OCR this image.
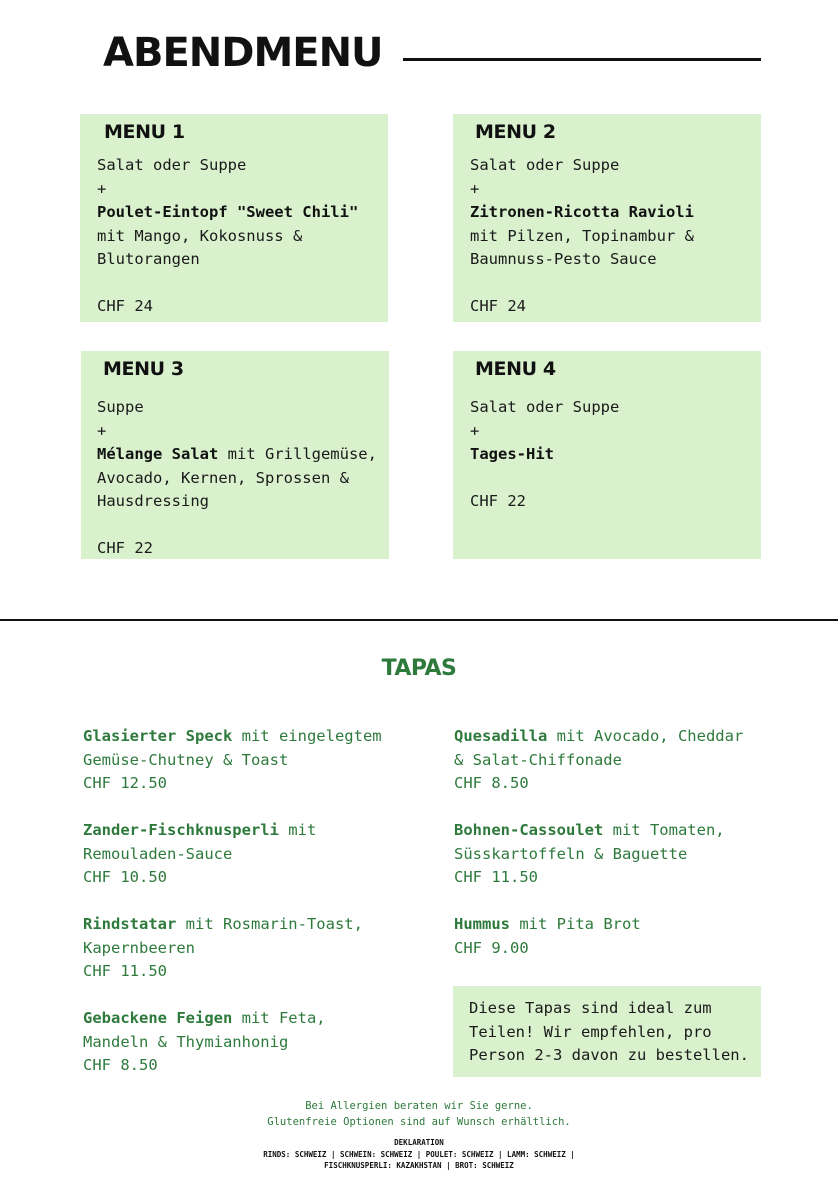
ABENDMENU
MENU 1
Salat oder Suppe
+
Poulet-Eintopf "Sweet Chili"
mit Mango, Kokosnuss & Blutorangen
CHF 24
MENU 2
Salat oder Suppe
+
Zitronen-Ricotta Ravioli
mit Pilzen, Topinambur & Baumnuss-Pesto Sauce
CHF 24
MENU 3
Suppe
+
Mélange Salat mit Grillgemüse, Avocado, Kernen, Sprossen & Hausdressing
CHF 22
MENU 4
Salat oder Suppe
+
Tages-Hit
CHF 22
TAPAS
Glasierter Speck mit eingelegtem Gemüse-Chutney & Toast
CHF 12.50
Zander-Fischknusperli mit Remouladen-Sauce
CHF 10.50
Rindstatar mit Rosmarin-Toast, Kapernbeeren
CHF 11.50
Gebackene Feigen mit Feta, Mandeln & Thymianhonig
CHF 8.50
Quesadilla mit Avocado, Cheddar & Salat-Chiffonade
CHF 8.50
Bohnen-Cassoulet mit Tomaten, Süsskartoffeln & Baguette
CHF 11.50
Hummus mit Pita Brot
CHF 9.00
Diese Tapas sind ideal zum Teilen! Wir empfehlen, pro Person 2-3 davon zu bestellen.
Bei Allergien beraten wir Sie gerne.
Glutenfreie Optionen sind auf Wunsch erhältlich.
DEKLARATION
RINDS: SCHWEIZ | SCHWEIN: SCHWEIZ | POULET: SCHWEIZ | LAMM: SCHWEIZ |
FISCHKNUSPERLI: KAZAKHSTAN | BROT: SCHWEIZ
